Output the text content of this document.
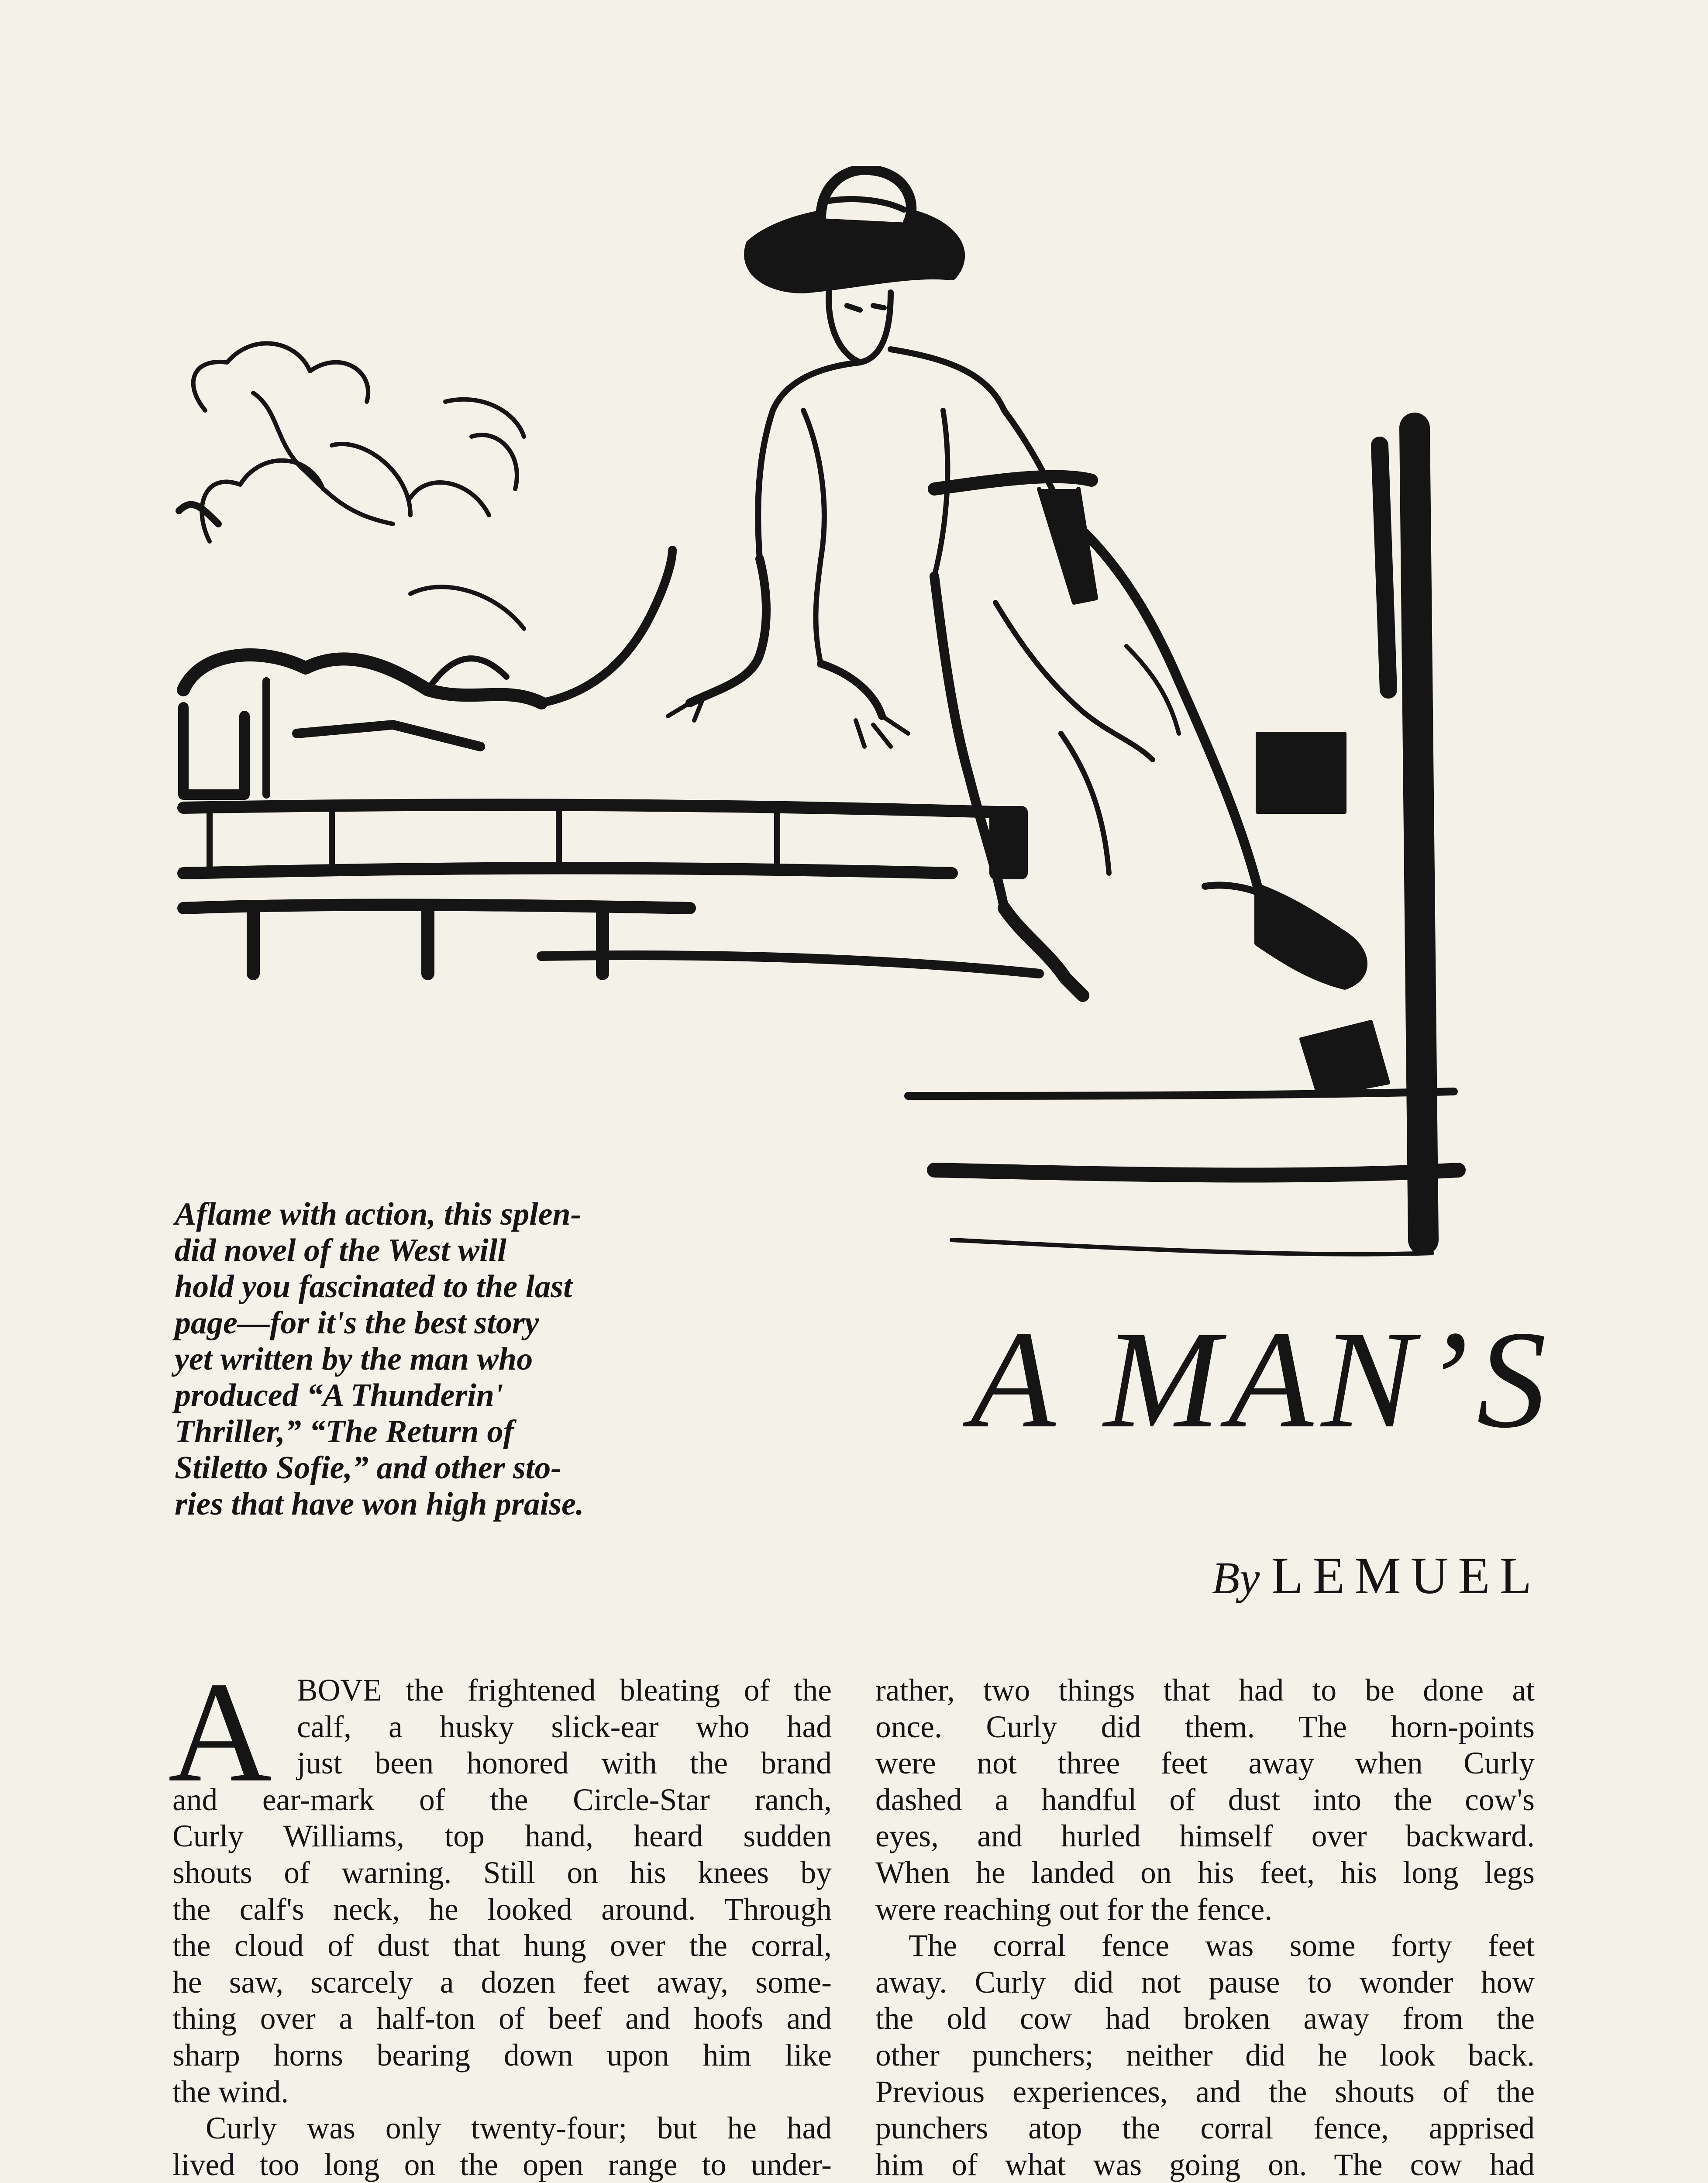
Aflame with action, this splen-
did novel of the West will
hold you fascinated to the last
page—for it's the best story
yet written by the man who
produced “A Thunderin'
Thriller,” “The Return of
Stiletto Sofie,” and other sto-
ries that have won high praise.
A MAN’S
By LEMUEL
A BOVE the frightened bleating of the
calf, a husky slick-ear who had
just been honored with the brand
and ear-mark of the Circle-Star ranch,
Curly Williams, top hand, heard sudden
shouts of warning. Still on his knees by
the calf's neck, he looked around. Through
the cloud of dust that hung over the corral,
he saw, scarcely a dozen feet away, some-
thing over a half-ton of beef and hoofs and
sharp horns bearing down upon him like
the wind.
Curly was only twenty-four; but he had
lived too long on the open range to under-
rather, two things that had to be done at
once. Curly did them. The horn-points
were not three feet away when Curly
dashed a handful of dust into the cow's
eyes, and hurled himself over backward.
When he landed on his feet, his long legs
were reaching out for the fence.
The corral fence was some forty feet
away. Curly did not pause to wonder how
the old cow had broken away from the
other punchers; neither did he look back.
Previous experiences, and the shouts of the
punchers atop the corral fence, apprised
him of what was going on. The cow had
